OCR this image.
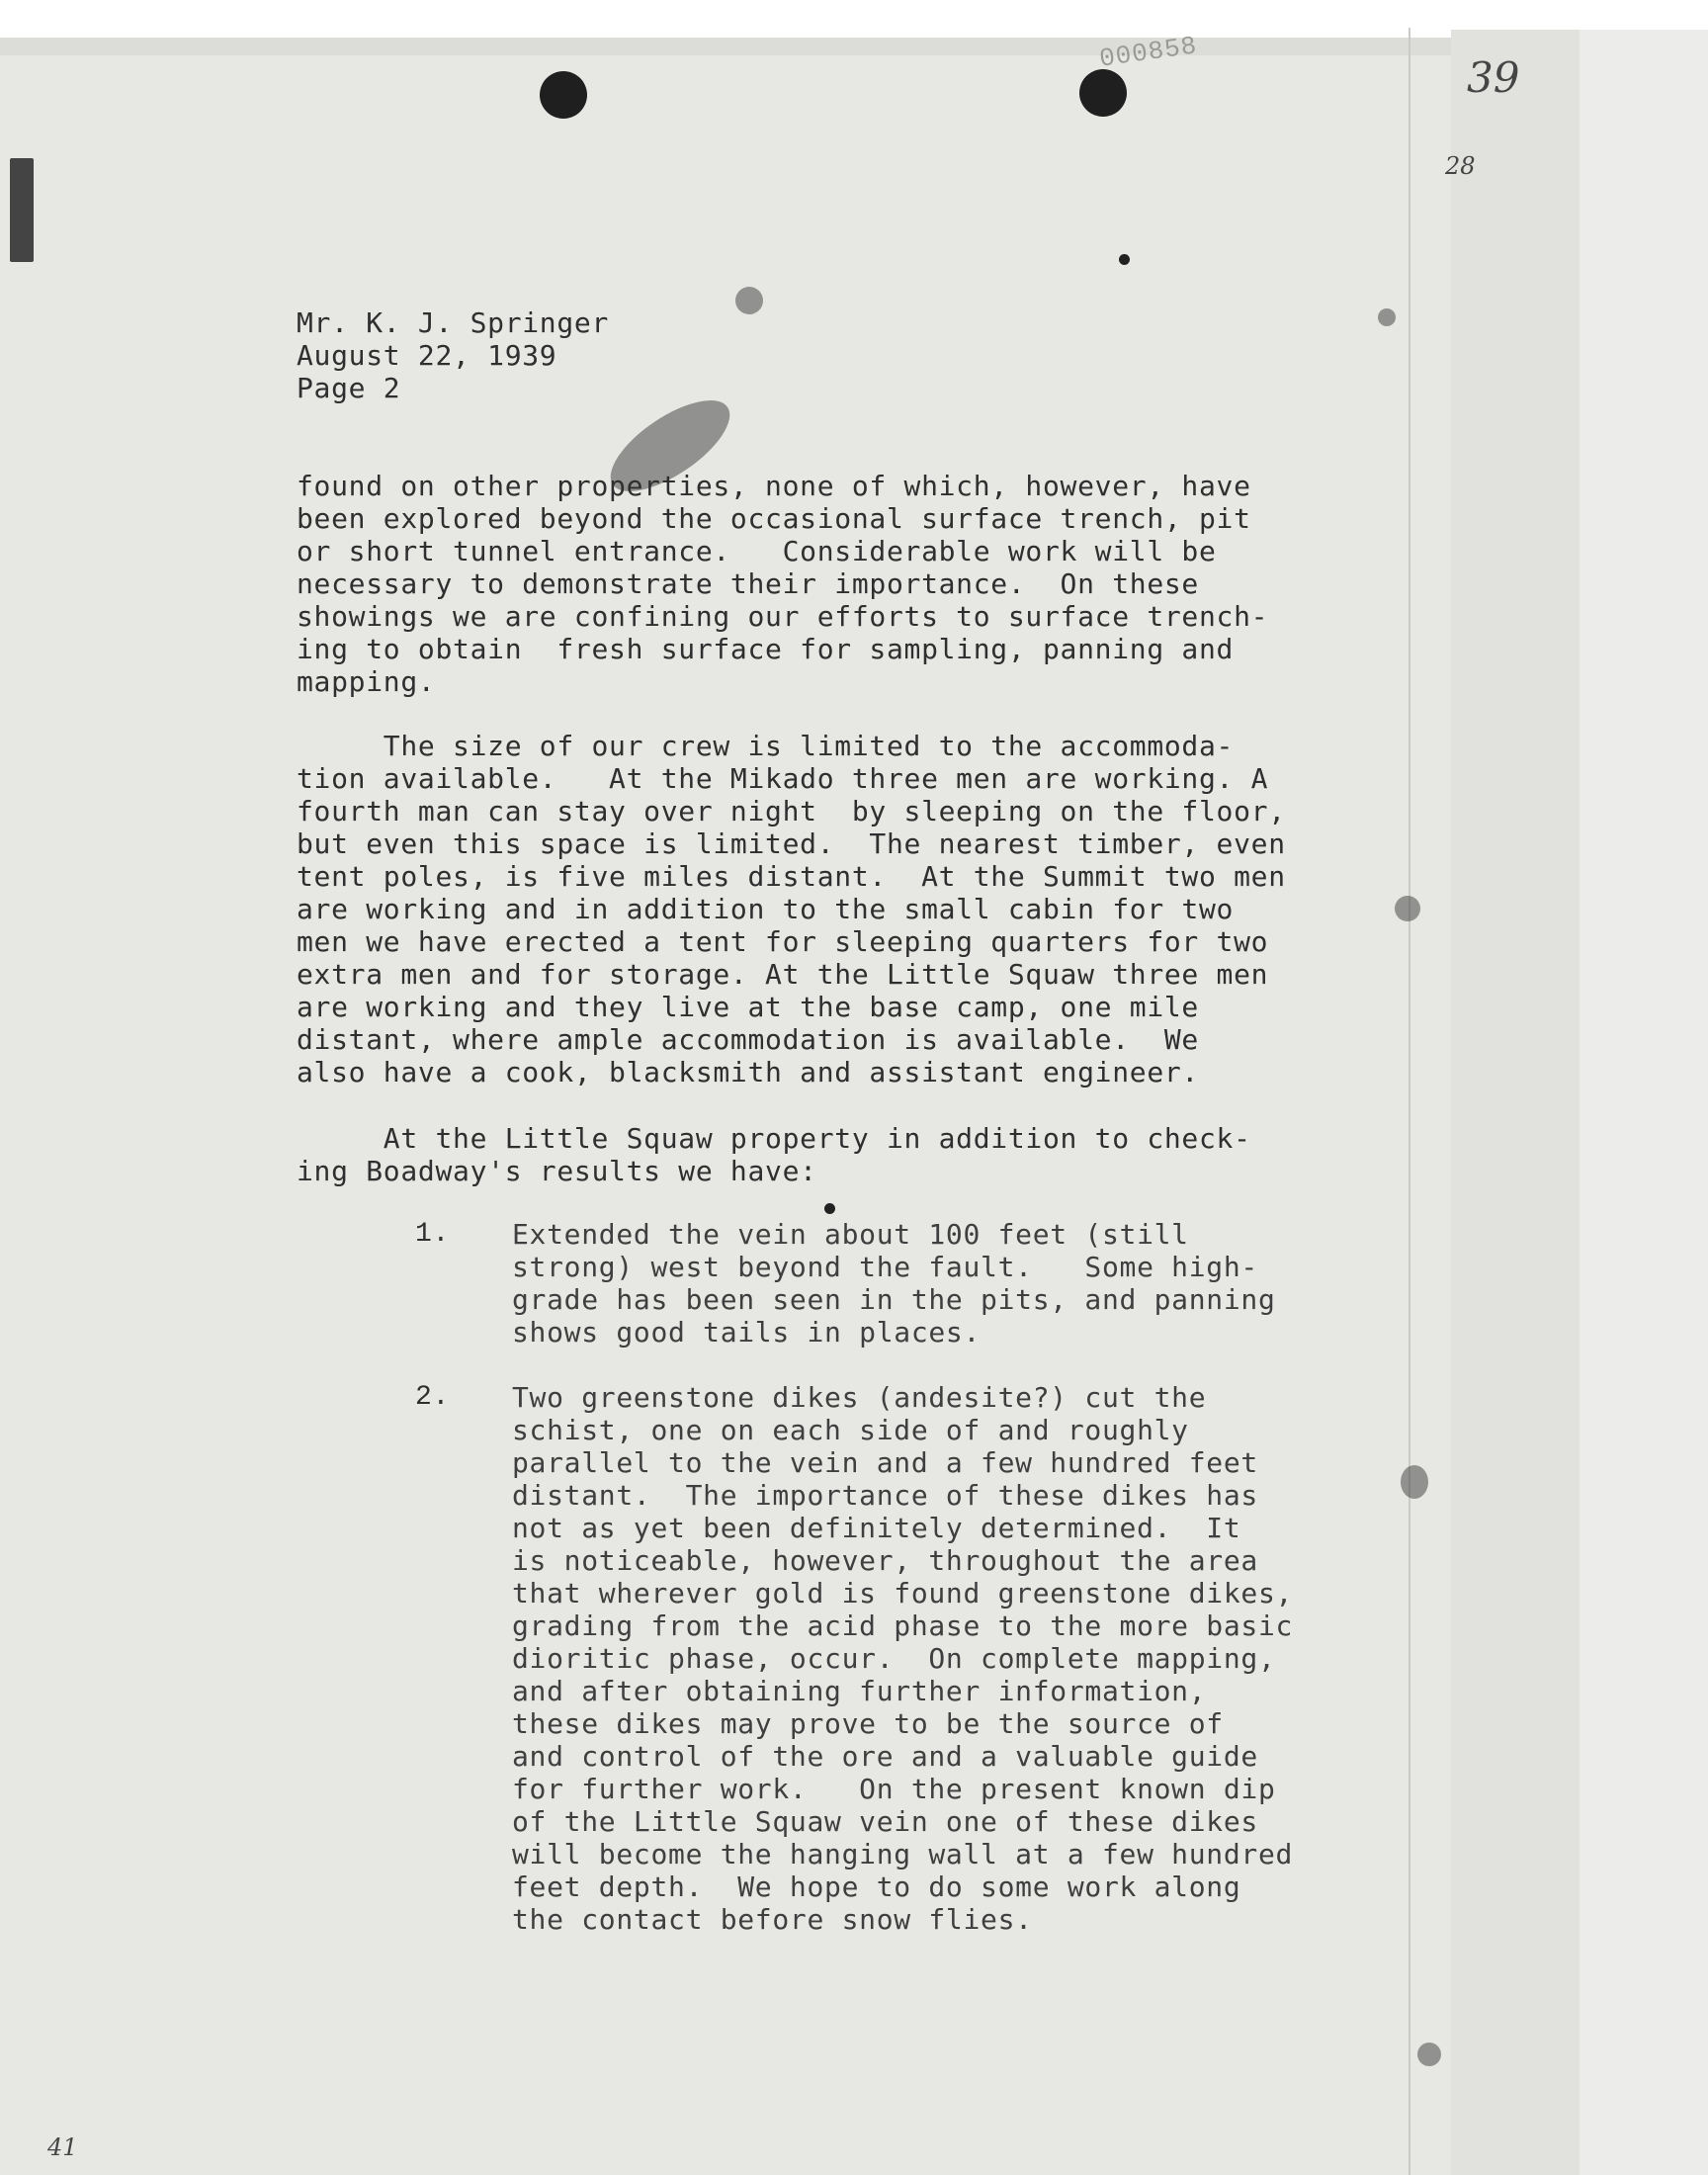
000858
39
28
41
Mr. K. J. Springer
August 22, 1939
Page 2
found on other properties, none of which, however, have
been explored beyond the occasional surface trench, pit
or short tunnel entrance.   Considerable work will be
necessary to demonstrate their importance.  On these
showings we are confining our efforts to surface trench-
ing to obtain  fresh surface for sampling, panning and
mapping.
The size of our crew is limited to the accommoda-
tion available.   At the Mikado three men are working. A
fourth man can stay over night  by sleeping on the floor,
but even this space is limited.  The nearest timber, even
tent poles, is five miles distant.  At the Summit two men
are working and in addition to the small cabin for two
men we have erected a tent for sleeping quarters for two
extra men and for storage. At the Little Squaw three men
are working and they live at the base camp, one mile
distant, where ample accommodation is available.  We
also have a cook, blacksmith and assistant engineer.
At the Little Squaw property in addition to check-
ing Boadway's results we have:
1. Extended the vein about 100 feet (still
strong) west beyond the fault.   Some high-
grade has been seen in the pits, and panning
shows good tails in places.
2. Two greenstone dikes (andesite?) cut the
schist, one on each side of and roughly
parallel to the vein and a few hundred feet
distant.  The importance of these dikes has
not as yet been definitely determined.  It
is noticeable, however, throughout the area
that wherever gold is found greenstone dikes,
grading from the acid phase to the more basic
dioritic phase, occur.  On complete mapping,
and after obtaining further information,
these dikes may prove to be the source of
and control of the ore and a valuable guide
for further work.   On the present known dip
of the Little Squaw vein one of these dikes
will become the hanging wall at a few hundred
feet depth.  We hope to do some work along
the contact before snow flies.
